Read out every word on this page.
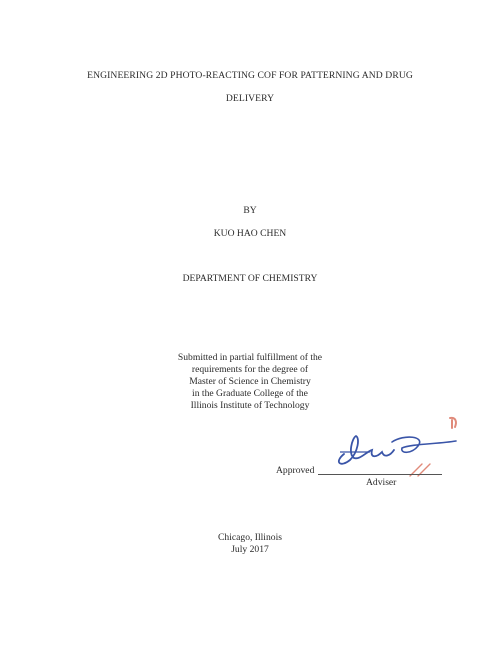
ENGINEERING 2D PHOTO-REACTING COF FOR PATTERNING AND DRUG
DELIVERY
BY
KUO HAO CHEN
DEPARTMENT OF CHEMISTRY
Submitted in partial fulfillment of the
requirements for the degree of
Master of Science in Chemistry
in the Graduate College of the
Illinois Institute of Technology
Approved
Adviser
Chicago, Illinois
July 2017
